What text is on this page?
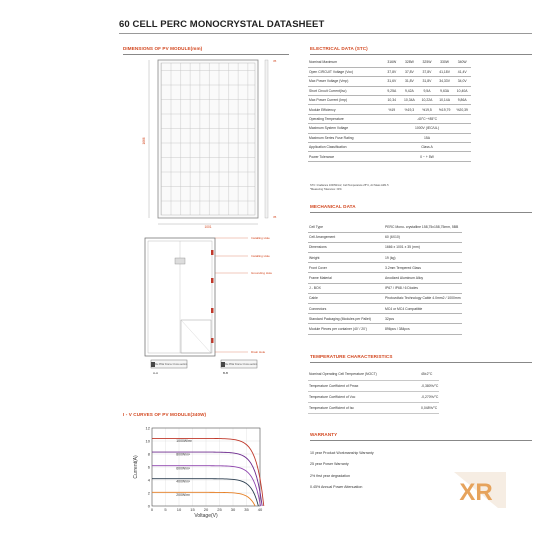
60 CELL PERC MONOCRYSTAL DATASHEET
DIMENSIONS OF PV MODULE(mm)
1666
1001
35
35
Installing Hole
Installing Hole
Grounding Hole
Drain Hole
Double Pillar Frame Cross-section	Double Pillar Frame Cross-section
A-A	B-B
I - V CURVES OF PV MODULE(340W)
0	5	10 15 20 25 30 35 40
0
2
4
6
8
10
12
1000W/m²
800W/m²
600W/m²
400W/m²
200W/m²
Voltage(V)
Current(A)
ELECTRICAL DATA (STC)
Nominal Maximum	316W	328W	325W	330W	340W
Open CIRCUIT Voltage (Voc)	37,8V	37,8V	37,8V	41,18V	41,4V
Max Power Voltage (Vmp)	31,6V	31,8V	31,8V	34,33V	34,0V
Short Circuit Current(Isc)	9,25A	9,42A	9,5A	9,63A	10,40A
Max Power Current (Imp)	10,34	10,34A	10,22A	10,14A	9,86A
Module Efficiency	%19	%19,3	%19,5	%19,79	%20,39
Operating Temperature	-40°C~+85°C				
Maximum System Voltage	1000V (IEC/UL)				
Maximum Series Fuse Rating	15A				
Application Classification	Class A				
Power Tolerance	0 ~ + 5W				
STC: Irradiance 1000W/m2, Cell Temperature 25°C, Air Mass AM1.5
*Measuring Tolerance: ±3%
MECHANICAL DATA
Cell Type	PERC Mono- crystalline 158,75x158,75mm, 5BB
Cell Arrangement	60 (6X10)
Dimensions	1666 x 1001 x 35 (mm)
Weight	19 (kg)
Front Cover	3.2mm Tempered Glass
Frame Material	Anodized Aluminum Alloy
J - BOX	IP67 / IP68 / 6 Diodes
Cable	Photovoltaic Technology Cable 4.0mm2 / 1000mm
Connectors	MC4 or MC4 Compatible
Standard Packaging (Modules per Pallet)	32pcs
Module Pieces per container (40' / 20')	896pcs / 384pcs
TEMPERATURE CHARACTERISTICS
Nominal Operating Cell Temperature (NOCT)	45±2°C
Temperature Coefficient of Pmax	-0,380%/°C
Temperature Coefficient of Voc	-0,270%/°C
Temperature Coefficient of Isc	0,048%/°C
WARRANTY
10 year Product Workmanship Warranty
25 year Power Warranty
2% first year degradation
0.45% Annual Power Attenuation	XR
